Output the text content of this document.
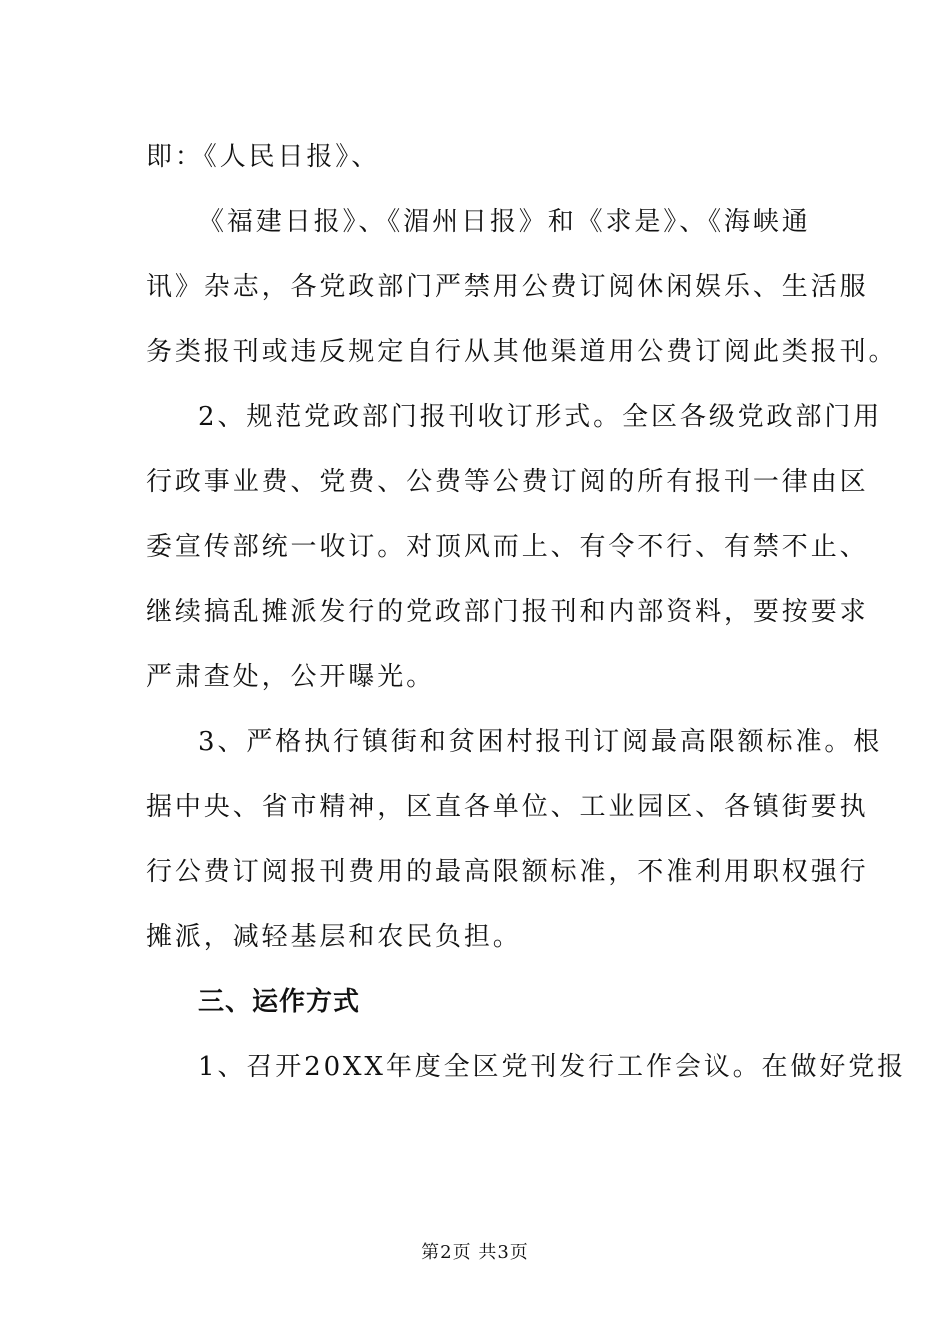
即：《人民日报》、
《福建日报》、《湄州日报》和《求是》、《海峡通
讯》杂志，各党政部门严禁用公费订阅休闲娱乐、生活服
务类报刊或违反规定自行从其他渠道用公费订阅此类报刊。
2、规范党政部门报刊收订形式。全区各级党政部门用
行政事业费、党费、公费等公费订阅的所有报刊一律由区
委宣传部统一收订。对顶风而上、有令不行、有禁不止、
继续搞乱摊派发行的党政部门报刊和内部资料，要按要求
严肃查处，公开曝光。
3、严格执行镇街和贫困村报刊订阅最高限额标准。根
据中央、省市精神，区直各单位、工业园区、各镇街要执
行公费订阅报刊费用的最高限额标准，不准利用职权强行
摊派，减轻基层和农民负担。
三、运作方式
1、召开20XX年度全区党刊发行工作会议。在做好党报
第2页 共3页
